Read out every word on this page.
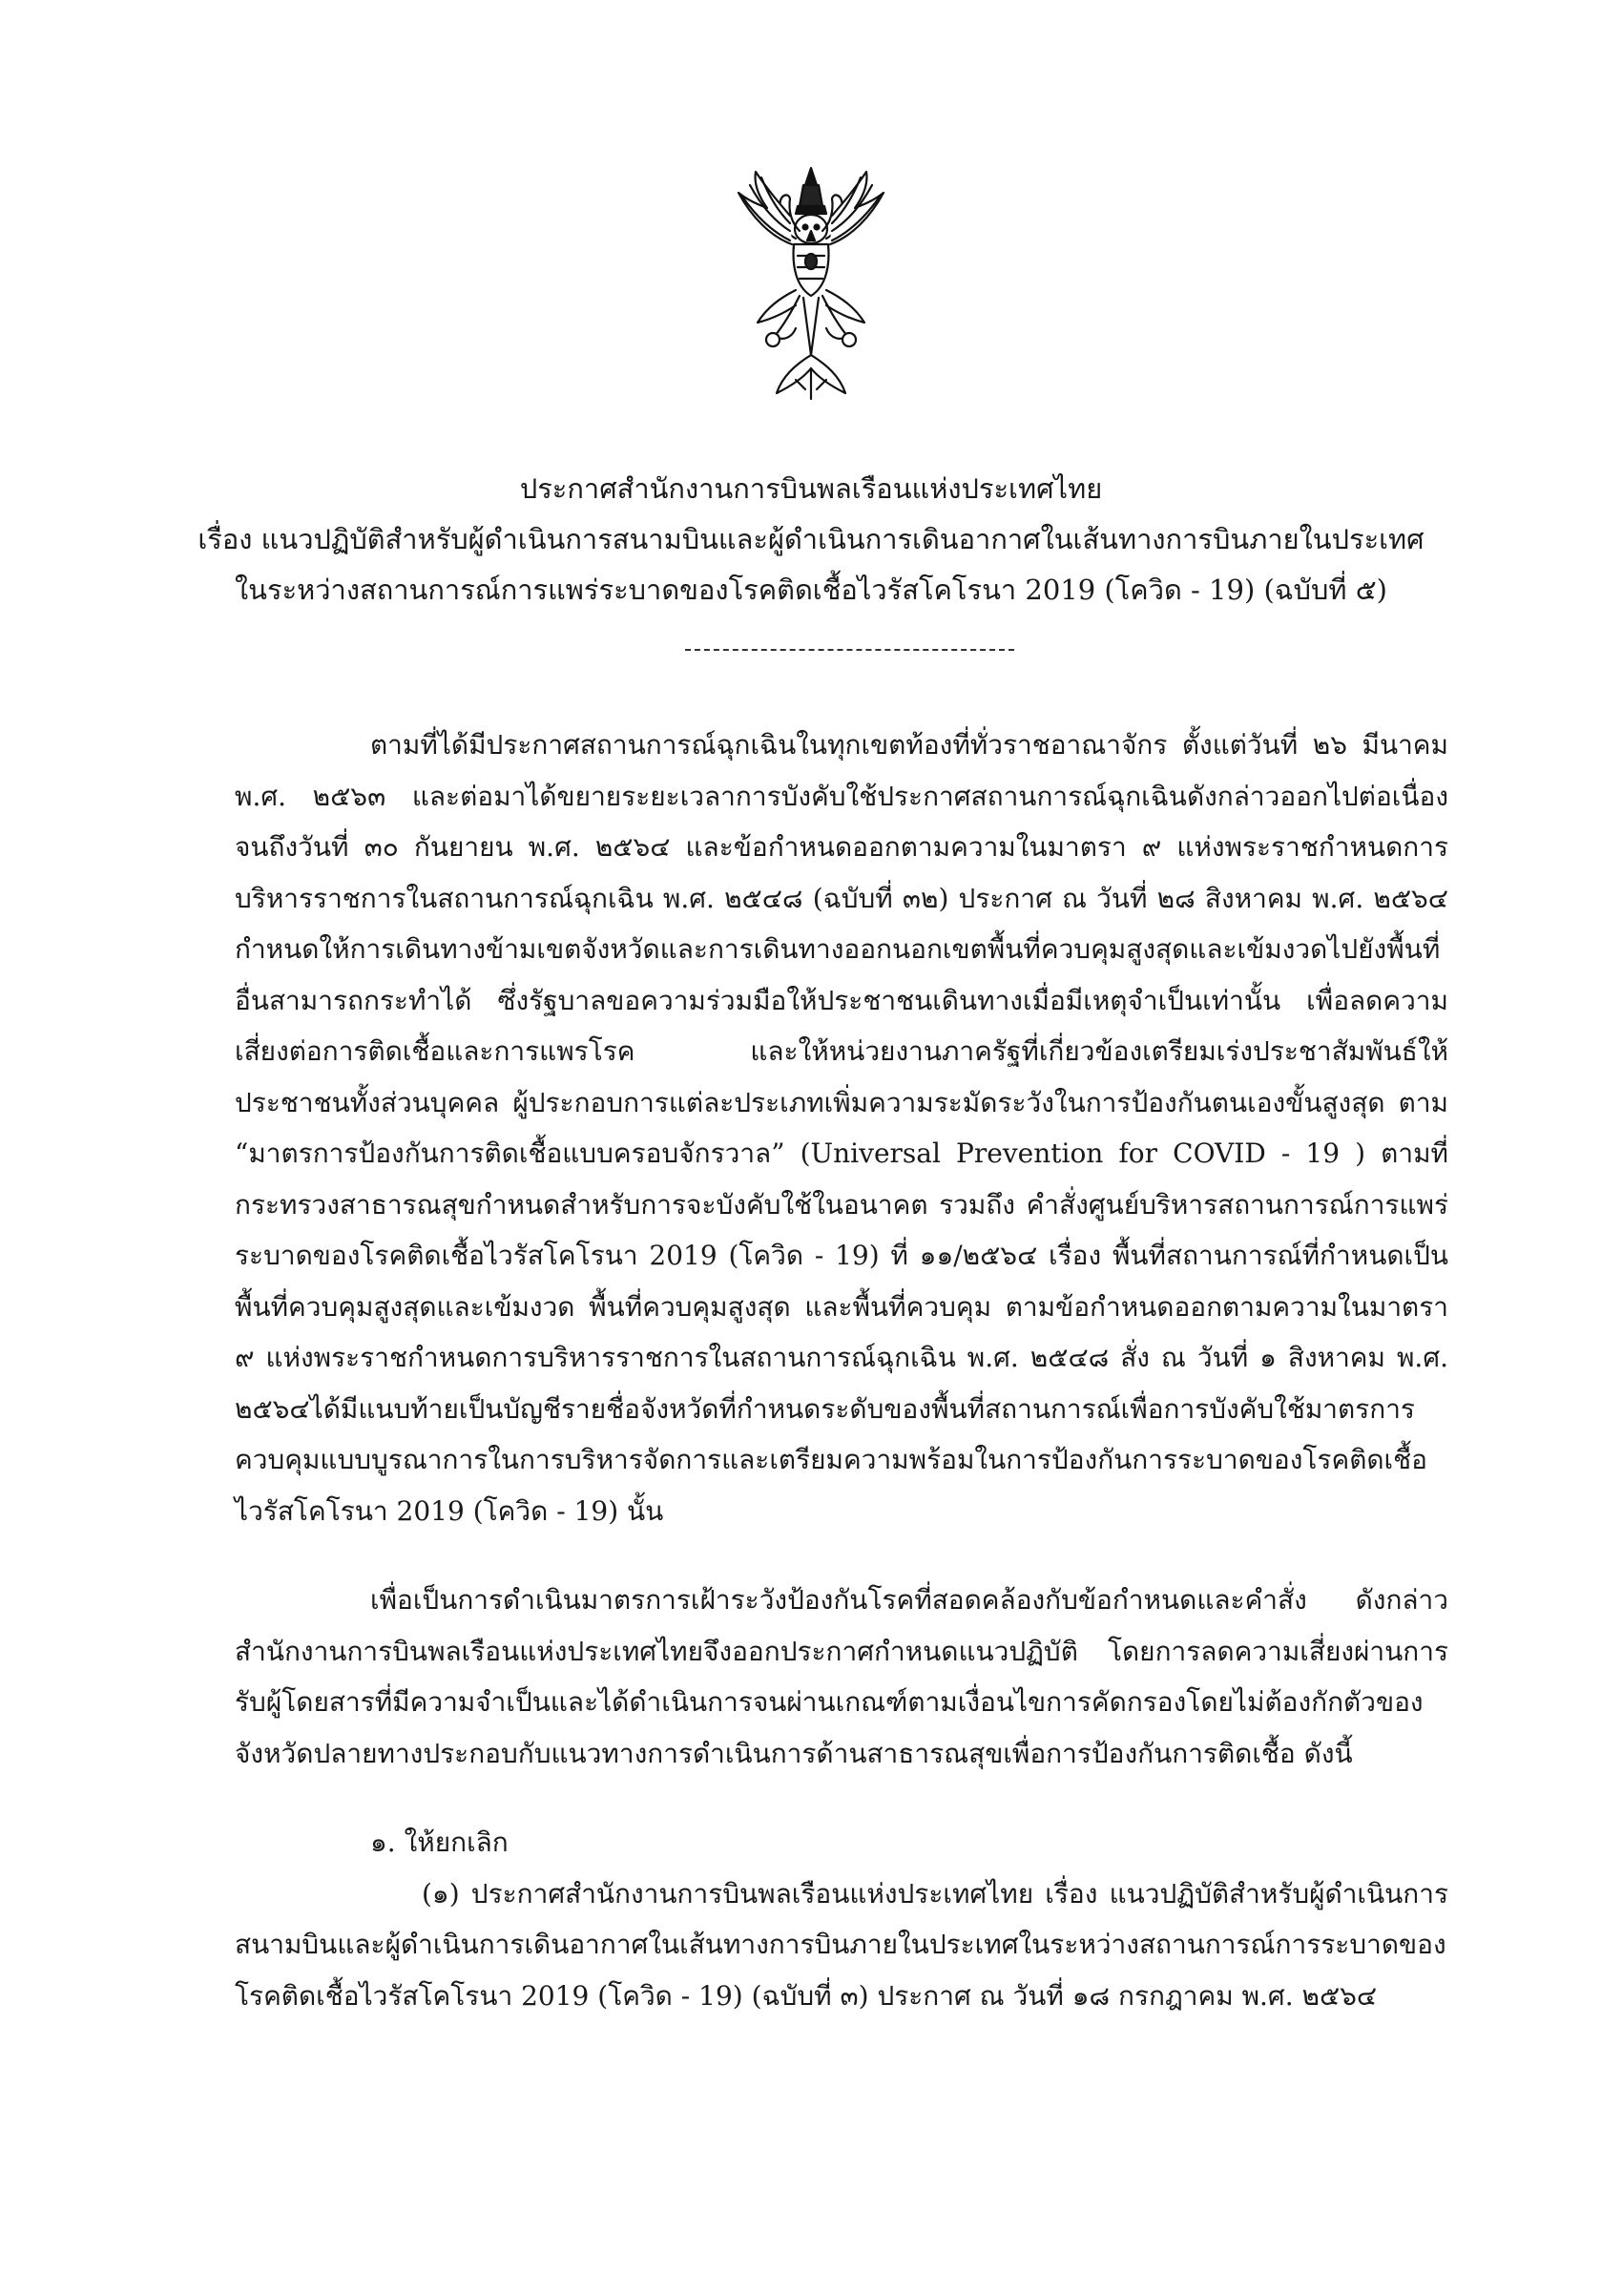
ประกาศสำนักงานการบินพลเรือนแห่งประเทศไทย
เรื่อง แนวปฏิบัติสำหรับผู้ดำเนินการสนามบินและผู้ดำเนินการเดินอากาศในเส้นทางการบินภายในประเทศ
ในระหว่างสถานการณ์การแพร่ระบาดของโรคติดเชื้อไวรัสโคโรนา 2019 (โควิด - 19) (ฉบับที่ ๕)

ตามที่ได้มีประกาศสถานการณ์ฉุกเฉินในทุกเขตท้องที่ทั่วราชอาณาจักร ตั้งแต่วันที่ ๒๖ มีนาคม พ.ศ. ๒๕๖๓ และต่อมาได้ขยายระยะเวลาการบังคับใช้ประกาศสถานการณ์ฉุกเฉินดังกล่าวออกไปต่อเนื่องจนถึงวันที่ ๓๐ กันยายน พ.ศ. ๒๕๖๔ และข้อกำหนดออกตามความในมาตรา ๙ แห่งพระราชกำหนดการบริหารราชการในสถานการณ์ฉุกเฉิน พ.ศ. ๒๕๔๘ (ฉบับที่ ๓๒) ประกาศ ณ วันที่ ๒๘ สิงหาคม พ.ศ. ๒๕๖๔ กำหนดให้การเดินทางข้ามเขตจังหวัดและการเดินทางออกนอกเขตพื้นที่ควบคุมสูงสุดและเข้มงวดไปยังพื้นที่อื่นสามารถกระทำได้ ซึ่งรัฐบาลขอความร่วมมือให้ประชาชนเดินทางเมื่อมีเหตุจำเป็นเท่านั้น เพื่อลดความเสี่ยงต่อการติดเชื้อและการแพรโรค และให้หน่วยงานภาครัฐที่เกี่ยวข้องเตรียมเร่งประชาสัมพันธ์ให้ประชาชนทั้งส่วนบุคคล ผู้ประกอบการแต่ละประเภทเพิ่มความระมัดระวังในการป้องกันตนเองขั้นสูงสุด ตาม “มาตรการป้องกันการติดเชื้อแบบครอบจักรวาล” (Universal Prevention for COVID - 19 ) ตามที่กระทรวงสาธารณสุขกำหนดสำหรับการจะบังคับใช้ในอนาคต รวมถึง คำสั่งศูนย์บริหารสถานการณ์การแพร่ระบาดของโรคติดเชื้อไวรัสโคโรนา 2019 (โควิด - 19) ที่ ๑๑/๒๕๖๔ เรื่อง พื้นที่สถานการณ์ที่กำหนดเป็นพื้นที่ควบคุมสูงสุดและเข้มงวด พื้นที่ควบคุมสูงสุด และพื้นที่ควบคุม ตามข้อกำหนดออกตามความในมาตรา ๙ แห่งพระราชกำหนดการบริหารราชการในสถานการณ์ฉุกเฉิน พ.ศ. ๒๕๔๘ สั่ง ณ วันที่ ๑ สิงหาคม พ.ศ. ๒๕๖๔ได้มีแนบท้ายเป็นบัญชีรายชื่อจังหวัดที่กำหนดระดับของพื้นที่สถานการณ์เพื่อการบังคับใช้มาตรการควบคุมแบบบูรณาการในการบริหารจัดการและเตรียมความพร้อมในการป้องกันการระบาดของโรคติดเชื้อไวรัสโคโรนา 2019 (โควิด - 19) นั้น

เพื่อเป็นการดำเนินมาตรการเฝ้าระวังป้องกันโรคที่สอดคล้องกับข้อกำหนดและคำสั่ง ดังกล่าว สำนักงานการบินพลเรือนแห่งประเทศไทยจึงออกประกาศกำหนดแนวปฏิบัติ โดยการลดความเสี่ยงผ่านการรับผู้โดยสารที่มีความจำเป็นและได้ดำเนินการจนผ่านเกณฑ์ตามเงื่อนไขการคัดกรองโดยไม่ต้องกักตัวของจังหวัดปลายทางประกอบกับแนวทางการดำเนินการด้านสาธารณสุขเพื่อการป้องกันการติดเชื้อ ดังนี้

๑. ให้ยกเลิก

(๑) ประกาศสำนักงานการบินพลเรือนแห่งประเทศไทย เรื่อง แนวปฏิบัติสำหรับผู้ดำเนินการสนามบินและผู้ดำเนินการเดินอากาศในเส้นทางการบินภายในประเทศในระหว่างสถานการณ์การระบาดของโรคติดเชื้อไวรัสโคโรนา 2019 (โควิด - 19) (ฉบับที่ ๓) ประกาศ ณ วันที่ ๑๘ กรกฎาคม พ.ศ. ๒๕๖๔
